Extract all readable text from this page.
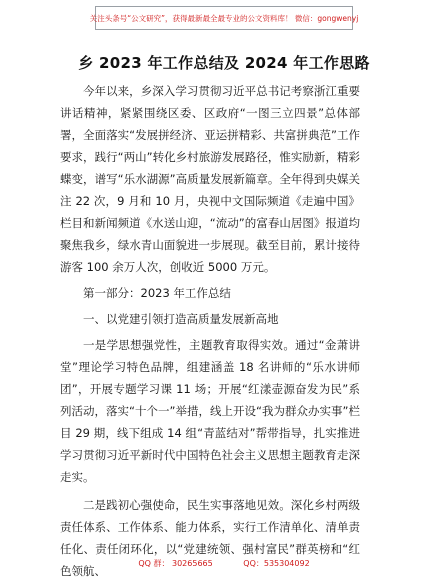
关注头条号“公文研究”，获得最新最全最专业的公文资料库！ 微信：gongwenyj
乡 2023 年工作总结及 2024 年工作思路

今年以来，乡深入学习贯彻习近平总书记考察浙江重要讲话精神，紧紧围绕区委、区政府“一图三立四景”总体部署，全面落实“发展拼经济、亚运拼精彩、共富拼典范”工作要求，践行“两山”转化乡村旅游发展路径，惟实励新，精彩蝶变，谱写“乐水湖源”高质量发展新篇章。全年得到央媒关注 22 次，9 月和 10 月，央视中文国际频道《走遍中国》栏目和新闻频道《水送山迎，“流动”的富春山居图》报道均聚焦我乡，绿水青山面貌进一步展现。截至目前，累计接待游客 100 余万人次，创收近 5000 万元。

第一部分：2023 年工作总结

一、以党建引领打造高质量发展新高地

一是学思想强党性，主题教育取得实效。通过“金萧讲堂”理论学习特色品牌，组建涵盖 18 名讲师的“乐水讲师团”，开展专题学习课 11 场；开展“红漾壶源奋发为民”系列活动，落实“十个一”举措，线上开设“我为群众办实事”栏目 29 期，线下组成 14 组“青蓝结对”帮带指导，扎实推进学习贯彻习近平新时代中国特色社会主义思想主题教育走深走实。

二是践初心强使命，民生实事落地见效。深化乡村两级责任体系、工作体系、能力体系，实行工作清单化、清单责任化、责任闭环化，以“党建统领、强村富民”群英榜和“红色领航、

QQ 群： 30265665	QQ：535304092
